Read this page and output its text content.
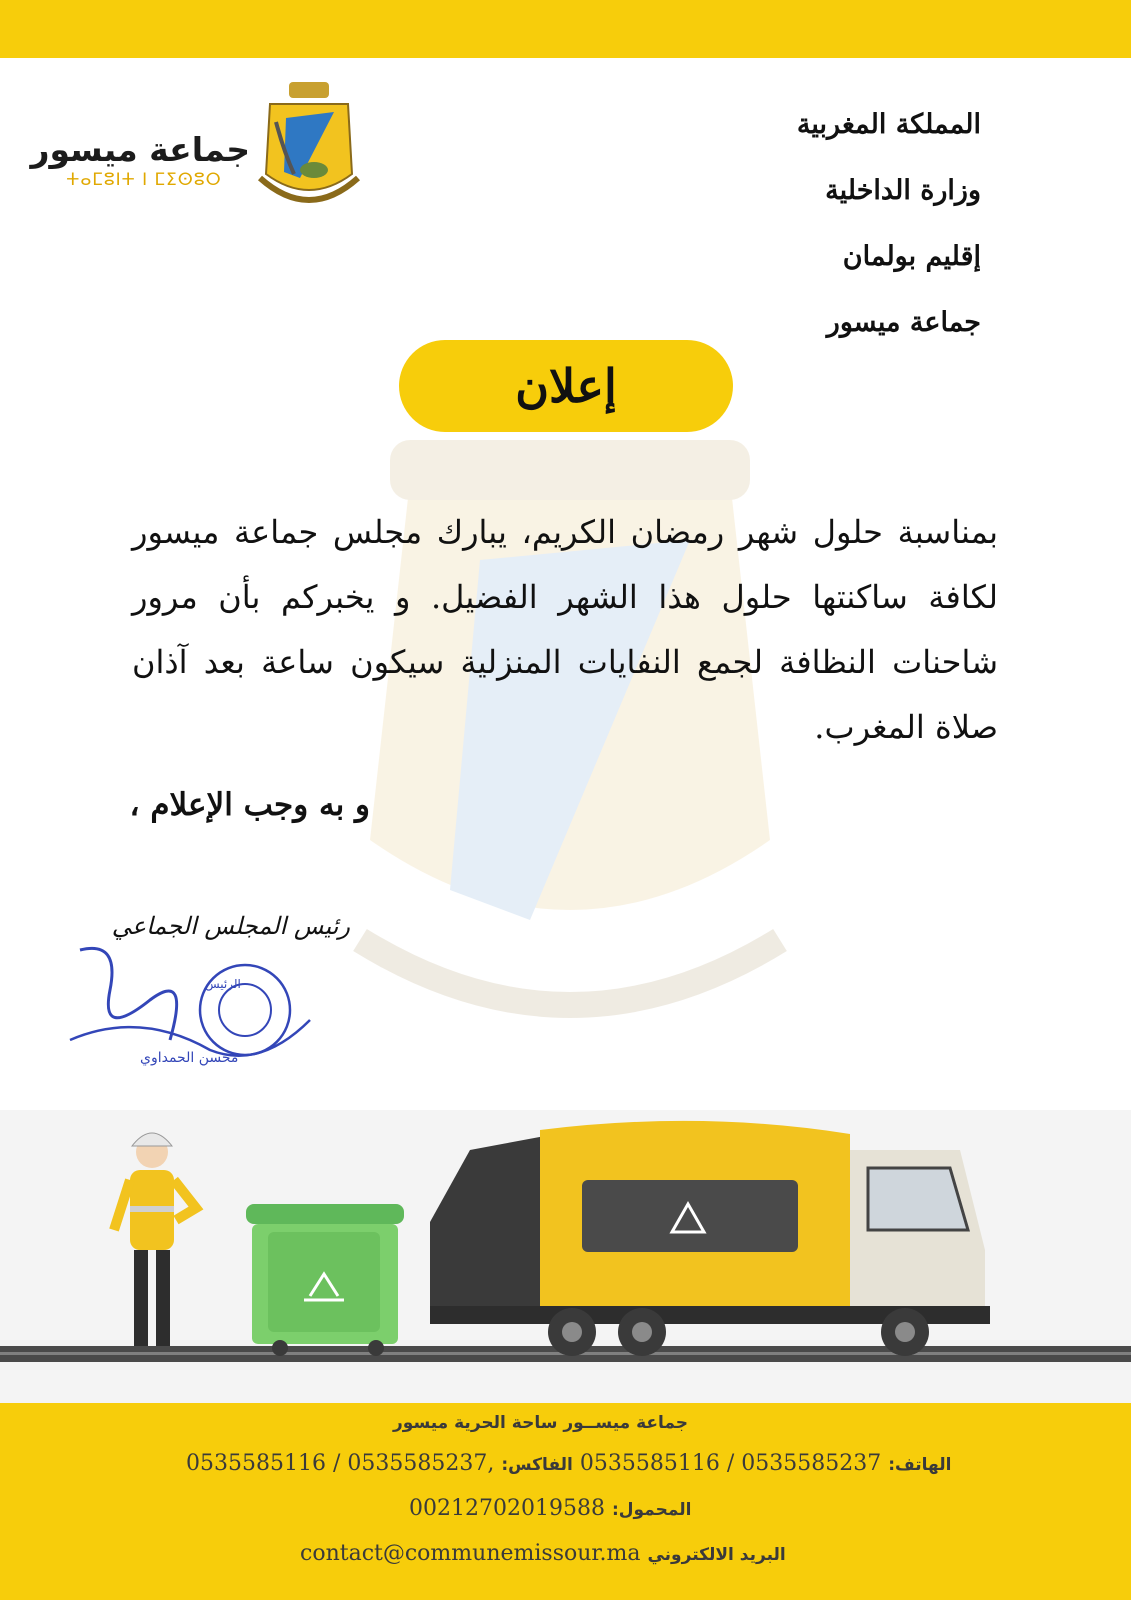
المملكة المغربية
وزارة الداخلية
إقليم بولمان
جماعة ميسور
جماعة ميسور
ⵜⴰⵎⵓⵏⵜ ⵏ ⵎⵉⵙⵓⵔ
إعلان
بمناسبة حلول شهر رمضان الكريم، يبارك مجلس جماعة ميسور لكافة ساكنتها حلول هذا الشهر الفضيل. و يخبركم بأن مرور شاحنات النظافة لجمع النفايات المنزلية سيكون ساعة بعد آذان صلاة المغرب.
و به وجب الإعلام ،
رئيس المجلس الجماعي
الرئيس
محسن الحمداوي
جماعة ميســور ساحة الحرية ميسور
الهاتف: 0535585116 / 0535585237 الفاكس: 0535585116 / 0535585237,
المحمول: 00212702019588
البريد الالكتروني contact@communemissour.ma
